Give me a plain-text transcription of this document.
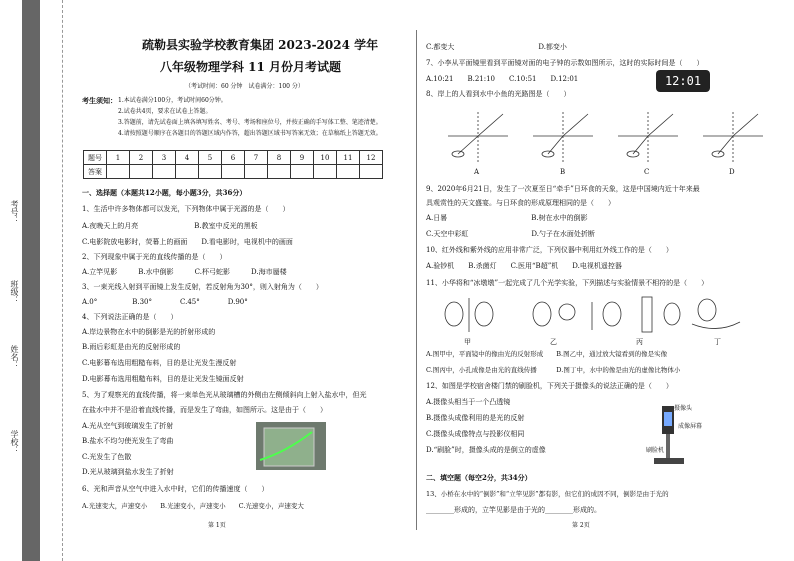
学校：
姓名：
班级：
考号：
疏勒县实验学校教育集团 2023-2024 学年
八年级物理学科 11 月份月考试题
（考试时间：60 分钟　试卷满分：100 分）
考生须知： 1.本试卷满分100分，考试时间60分钟。
2.试卷共4页，要求在试卷上答题。
3.答题前，请先试卷面上填各填写姓名、考号、考场和座位号，并按正确的手写体工整、笔迹清楚。
4.请按照题号顺序在各题目的答题区域内作答，超出答题区域书写答案无效；在草稿纸上答题无效。
题号	1	2	3	4	5	6	7	8	9	10	11	12
答案												
一、选择题（本题共12小题，每小题3分，共36分）
1、生活中许多物体都可以发光，下列物体中属于光源的是（　　）
A.夜晚天上的月亮　　　　　　　　B.教室中反光的黑板
C.电影院放电影时，荧幕上的画面　　D.看电影时，电视机中的画面
2、下列现象中属于光的直线传播的是（　　）
A.立竿见影　　　B.水中倒影　　　C.杯弓蛇影　　　D.海市蜃楼
3、一束光线入射到平面镜上发生反射，若反射角为30°，则入射角为（　　）
A.0°　　　　　B.30°　　　　C.45°　　　　D.90°
4、下列说法正确的是（　　）
A.岸边景物在水中的倒影是光的折射形成的
B.雨后彩虹是由光的反射形成的
C.电影幕布选用粗糙布料，目的是让光发生漫反射
D.电影幕布选用粗糙布料，目的是让光发生镜面反射
5、为了观察光的直线传播，将一束单色光从玻璃槽的外侧由左侧倾斜向上射入盐水中，但光
在盐水中并不是沿着直线传播，而是发生了弯曲，如图所示。这是由于（　　）
A.光从空气到玻璃发生了折射
B.盐水不均匀使光发生了弯曲
C.光发生了色散
D.光从玻璃到盐水发生了折射
6、光和声音从空气中进入水中时，它们的传播速度（　　）
A.光速变大，声速变小　　B.光速变小，声速变小　　C.光速变小，声速变大
第 1页
C.都变大　　　　　　　　　　　　D.都变小
7、小李从平面镜里看到平面镜对面的电子钟的示数如图所示，这时的实际时间是（　　）
A.10:21　　B.21:10　　C.10:51　　D.12:01
8、岸上的人看到水中小鱼的光路图是（　　）
12:01
A	B	C	D
9、2020年6月21日，发生了一次夏至日“牵手”日环食的天象，这是中国境内近十年来最
具观赏性的天文盛宴。与日环食的形成原理相同的是（　　）
A.日晷　　　　　　　　　　　　B.树在水中的倒影
C.天空中彩虹　　　　　　　　　D.勺子在水面处折断
10、红外线和紫外线的应用非常广泛，下列仪器中利用红外线工作的是（　　）
A.验钞机　　B.杀菌灯　　C.医用“B超”机　　D.电视机遥控器
11、小华将和“冰墩墩”一起完成了几个光学实验，下列描述与实验情景不相符的是（　　）
甲	乙	丙	丁
A.图甲中，平面镜中的像由光的反射形成　　B.图乙中，通过放大镜看到的像是实像
C.图丙中，小孔成像是由光的直线传播　　　D.图丁中，水中的像是由光的虚像比物体小
12、如图是学校宿舍楼门禁的刷脸机，下列关于摄像头的说法正确的是（　　）
A.摄像头相当于一个凸透镜
B.摄像头成像利用的是光的反射
C.摄像头成像特点与投影仪相同
D.“刷脸”时，摄像头成的是倒立的虚像
摄像头
成像屏幕
刷脸机
二、填空题（每空2分，共34分）
13、小桥在水中的“倒影”和“立竿见影”都有影，但它们的成因不同，倒影是由于光的
________形成的，立竿见影是由于光的________形成的。
第 2页
